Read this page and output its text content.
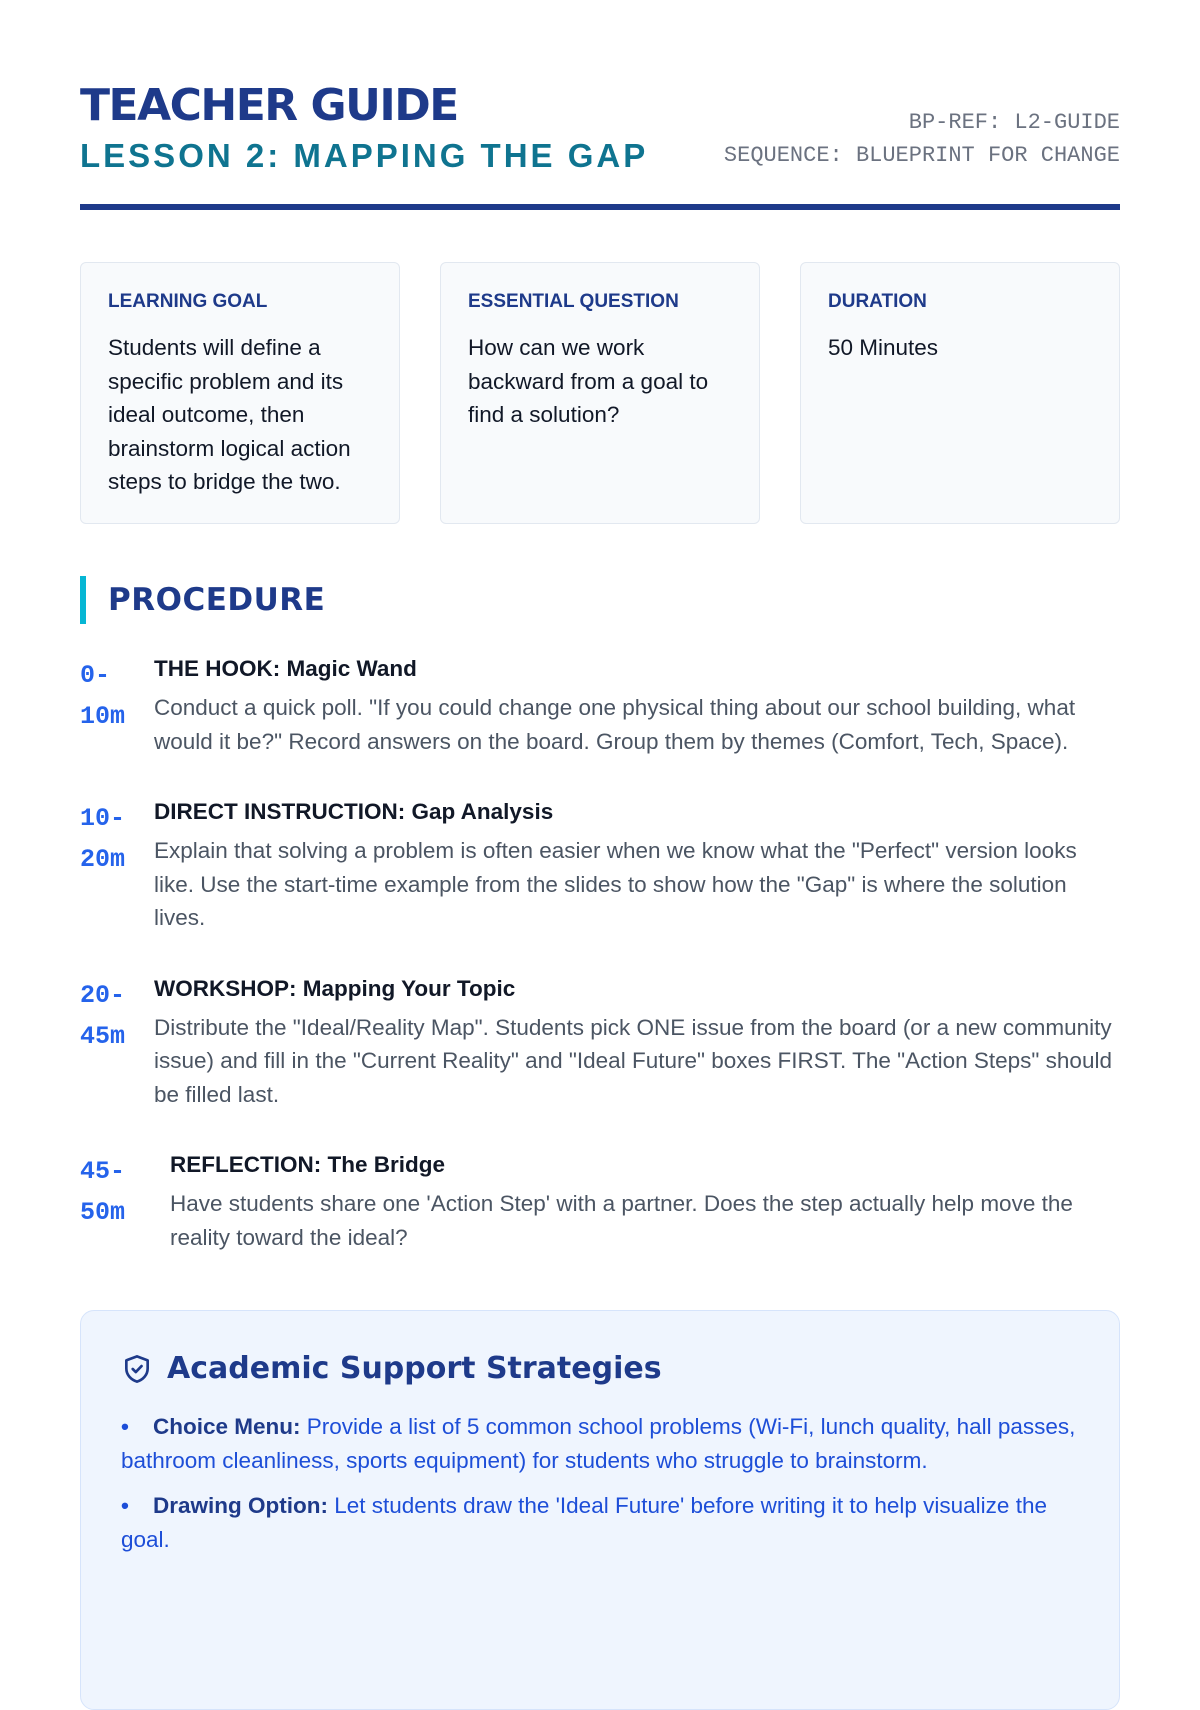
TEACHER GUIDE
LESSON 2: MAPPING THE GAP
BP-REF: L2-GUIDE
SEQUENCE: BLUEPRINT FOR CHANGE
LEARNING GOAL
Students will define a specific problem and its ideal outcome, then brainstorm logical action steps to bridge the two.
ESSENTIAL QUESTION
How can we work backward from a goal to find a solution?
DURATION
50 Minutes
PROCEDURE
0-
10m
THE HOOK: Magic Wand
Conduct a quick poll. "If you could change one physical thing about our school building, what would it be?" Record answers on the board. Group them by themes (Comfort, Tech, Space).
10-
20m
DIRECT INSTRUCTION: Gap Analysis
Explain that solving a problem is often easier when we know what the "Perfect" version looks like. Use the start-time example from the slides to show how the "Gap" is where the solution lives.
20-
45m
WORKSHOP: Mapping Your Topic
Distribute the "Ideal/Reality Map". Students pick ONE issue from the board (or a new community issue) and fill in the "Current Reality" and "Ideal Future" boxes FIRST. The "Action Steps" should be filled last.
45-
50m
REFLECTION: The Bridge
Have students share one 'Action Step' with a partner. Does the step actually help move the reality toward the ideal?
Academic Support Strategies
• Choice Menu: Provide a list of 5 common school problems (Wi-Fi, lunch quality, hall passes, bathroom cleanliness, sports equipment) for students who struggle to brainstorm.
• Drawing Option: Let students draw the 'Ideal Future' before writing it to help visualize the goal.
